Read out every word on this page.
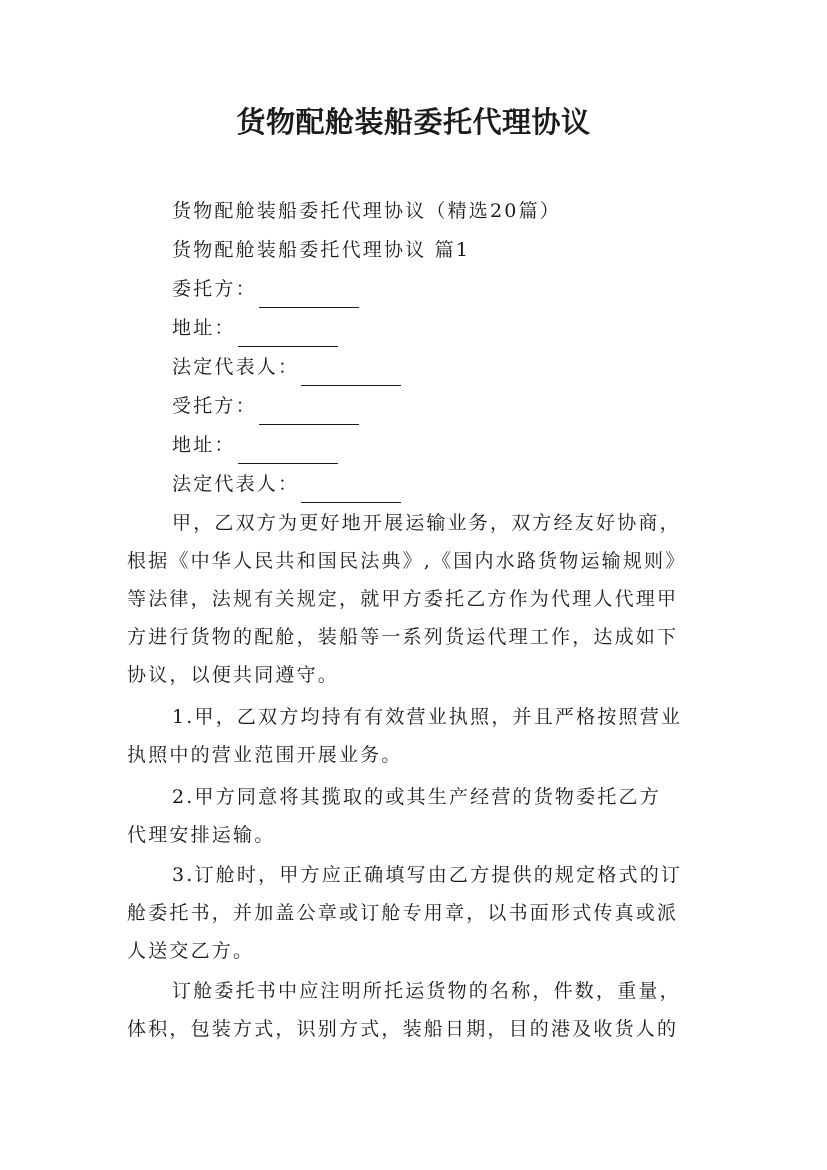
货物配舱装船委托代理协议
货物配舱装船委托代理协议（精选20篇）
货物配舱装船委托代理协议 篇1
委托方：
地址：
法定代表人：
受托方：
地址：
法定代表人：
甲，乙双方为更好地开展运输业务，双方经友好协商，
根据《中华人民共和国民法典》,《国内水路货物运输规则》
等法律，法规有关规定，就甲方委托乙方作为代理人代理甲
方进行货物的配舱，装船等一系列货运代理工作，达成如下
协议，以便共同遵守。
1.甲，乙双方均持有有效营业执照，并且严格按照营业
执照中的营业范围开展业务。
2.甲方同意将其揽取的或其生产经营的货物委托乙方
代理安排运输。
3.订舱时，甲方应正确填写由乙方提供的规定格式的订
舱委托书，并加盖公章或订舱专用章，以书面形式传真或派
人送交乙方。
订舱委托书中应注明所托运货物的名称，件数，重量，
体积，包装方式，识别方式，装船日期，目的港及收货人的
